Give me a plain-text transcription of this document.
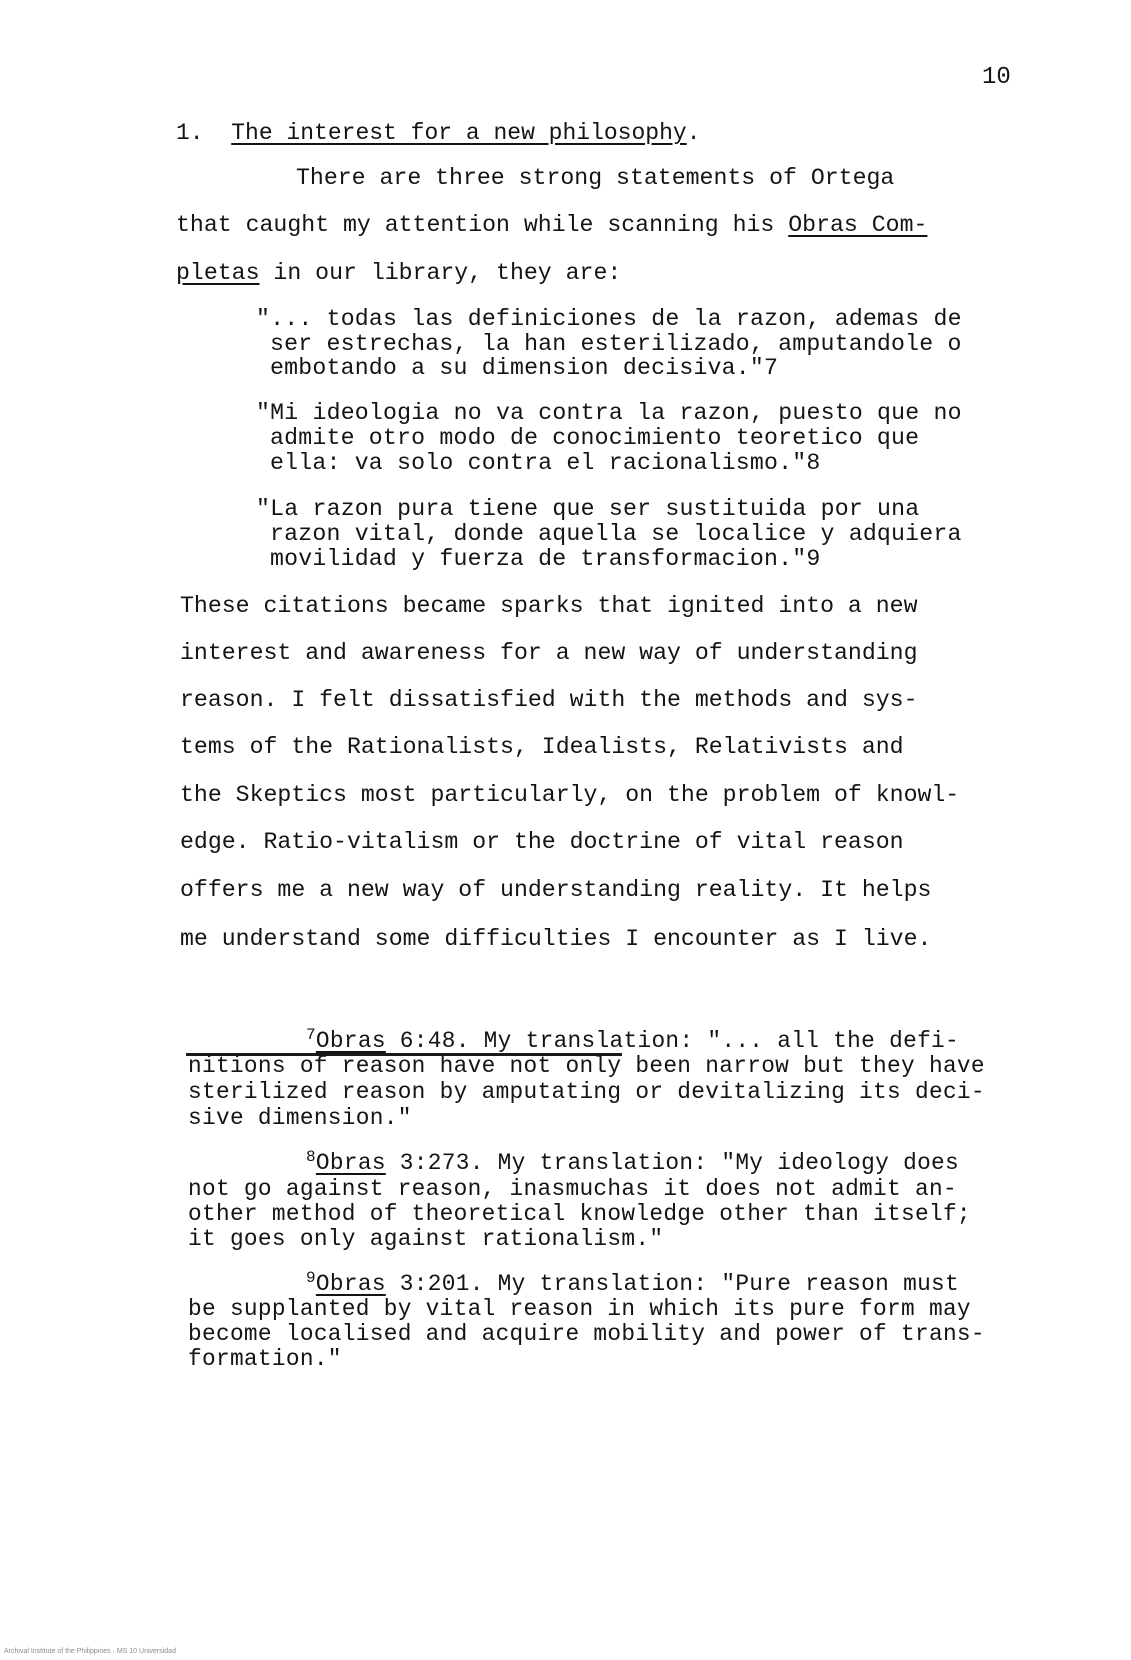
10
1. The interest for a new philosophy.
There are three strong statements of Ortega
that caught my attention while scanning his Obras Com-
pletas in our library, they are:
"... todas las definiciones de la razon, ademas de
ser estrechas, la han esterilizado, amputandole o
embotando a su dimension decisiva."7
"Mi ideologia no va contra la razon, puesto que no
admite otro modo de conocimiento teoretico que
ella: va solo contra el racionalismo."8
"La razon pura tiene que ser sustituida por una
razon vital, donde aquella se localice y adquiera
movilidad y fuerza de transformacion."9
These citations became sparks that ignited into a new
interest and awareness for a new way of understanding
reason. I felt dissatisfied with the methods and sys-
tems of the Rationalists, Idealists, Relativists and
the Skeptics most particularly, on the problem of knowl-
edge. Ratio-vitalism or the doctrine of vital reason
offers me a new way of understanding reality. It helps
me understand some difficulties I encounter as I live.
$^7$Obras 6:48. My translation: "... all the defi-
nitions of reason have not only been narrow but they have
sterilized reason by amputating or devitalizing its deci-
sive dimension."
$^8$Obras 3:273. My translation: "My ideology does
not go against reason, inasmuchas it does not admit an-
other method of theoretical knowledge other than itself;
it goes only against rationalism."
$^9$Obras 3:201. My translation: "Pure reason must
be supplanted by vital reason in which its pure form may
become localised and acquire mobility and power of trans-
formation."
Archival Institute of the Philippines · MS 10 Universidad
